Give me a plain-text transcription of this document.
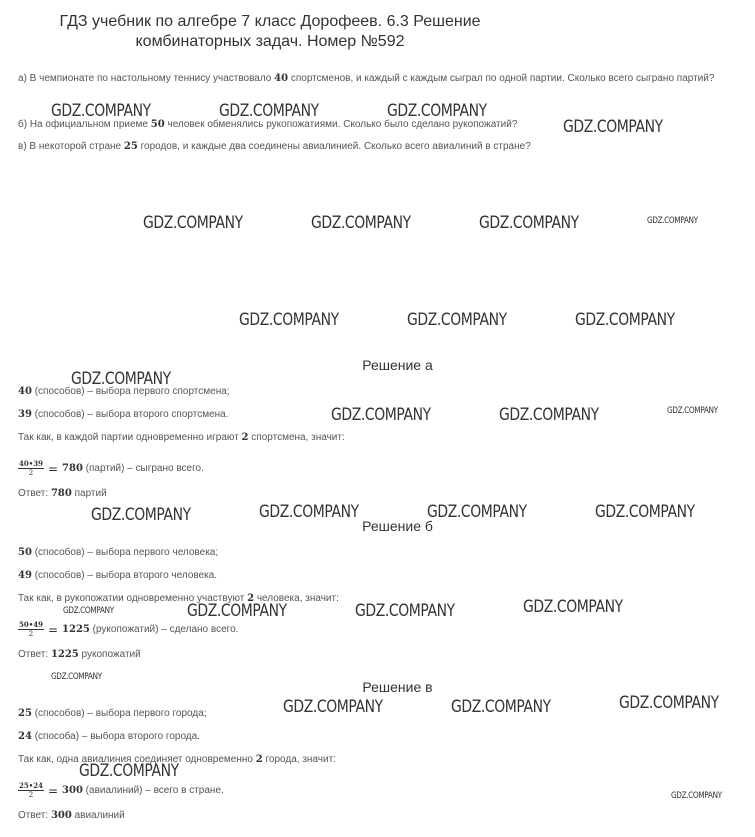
ГДЗ учебник по алгебре 7 класс Дорофеев. 6.3 Решение
комбинаторных задач. Номер №592

а) В чемпионате по настольному теннису участвовало 40 спортсменов, и каждый с каждым сыграл по одной партии. Сколько всего сыграно партий?

б) На официальном приеме 50 человек обменялись рукопожатиями. Сколько было сделано рукопожатий?

в) В некоторой стране 25 городов, и каждые два соединены авиалинией. Сколько всего авиалиний в стране?

Решение а

40 (способов) – выбора первого спортсмена;

39 (способов) – выбора второго спортсмена.

Так как, в каждой партии одновременно играют 2 спортсмена, значит:

$\frac{40•39}{2} = 780$ (партий) – сыграно всего.

Ответ: 780 партий

Решение б

50 (способов) – выбора первого человека;

49 (способов) – выбора второго человека.

Так как, в рукопожатии одновременно участвуют 2 человека, значит:

$\frac{50•49}{2} = 1225$ (рукопожатий) – сделано всего.

Ответ: 1225 рукопожатий

Решение в

25 (способов) – выбора первого города;

24 (способа) – выбора второго города.

Так как, одна авиалиния соединяет одновременно 2 города, значит:

$\frac{25•24}{2} = 300$ (авиалиний) – всего в стране.

Ответ: 300 авиалиний

GDZ.COMPANY	GDZ.COMPANY	GDZ.COMPANY
GDZ.COMPANY
GDZ.COMPANY	GDZ.COMPANY	GDZ.COMPANY	GDZ.COMPANY
GDZ.COMPANY	GDZ.COMPANY	GDZ.COMPANY
GDZ.COMPANY
GDZ.COMPANY	GDZ.COMPANY	GDZ.COMPANY
GDZ.COMPANY	GDZ.COMPANY	GDZ.COMPANY	GDZ.COMPANY
GDZ.COMPANY	GDZ.COMPANY	GDZ.COMPANY	GDZ.COMPANY
GDZ.COMPANY
GDZ.COMPANY	GDZ.COMPANY	GDZ.COMPANY
GDZ.COMPANY
GDZ.COMPANY
